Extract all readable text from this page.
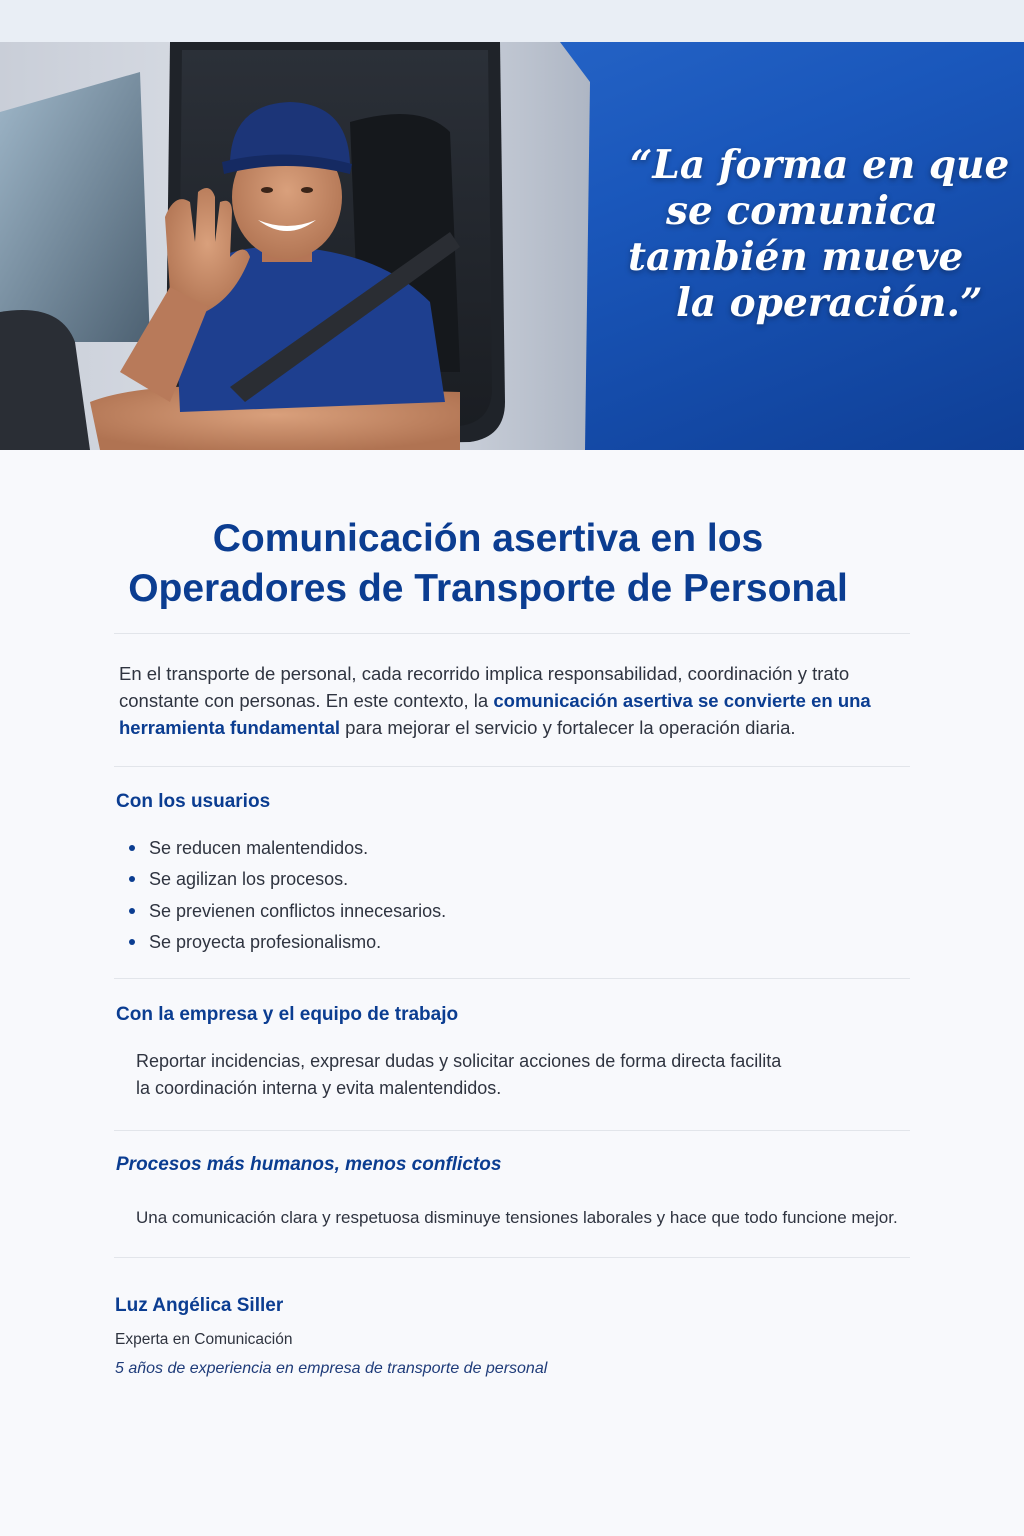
“La forma en que
se comunica
también mueve
la operación.”
Comunicación asertiva en los
Operadores de Transporte de Personal

En el transporte de personal, cada recorrido implica responsabilidad, coordinación y trato constante con personas. En este contexto, la comunicación asertiva se convierte en una herramienta fundamental para mejorar el servicio y fortalecer la operación diaria.

Con los usuarios
Se reducen malentendidos.
Se agilizan los procesos.
Se previenen conflictos innecesarios.
Se proyecta profesionalismo.
Con la empresa y el equipo de trabajo

Reportar incidencias, expresar dudas y solicitar acciones de forma directa facilita
la coordinación interna y evita malentendidos.

Procesos más humanos, menos conflictos

Una comunicación clara y respetuosa disminuye tensiones laborales y hace que todo funcione mejor.

Luz Angélica Siller

Experta en Comunicación

5 años de experiencia en empresa de transporte de personal
